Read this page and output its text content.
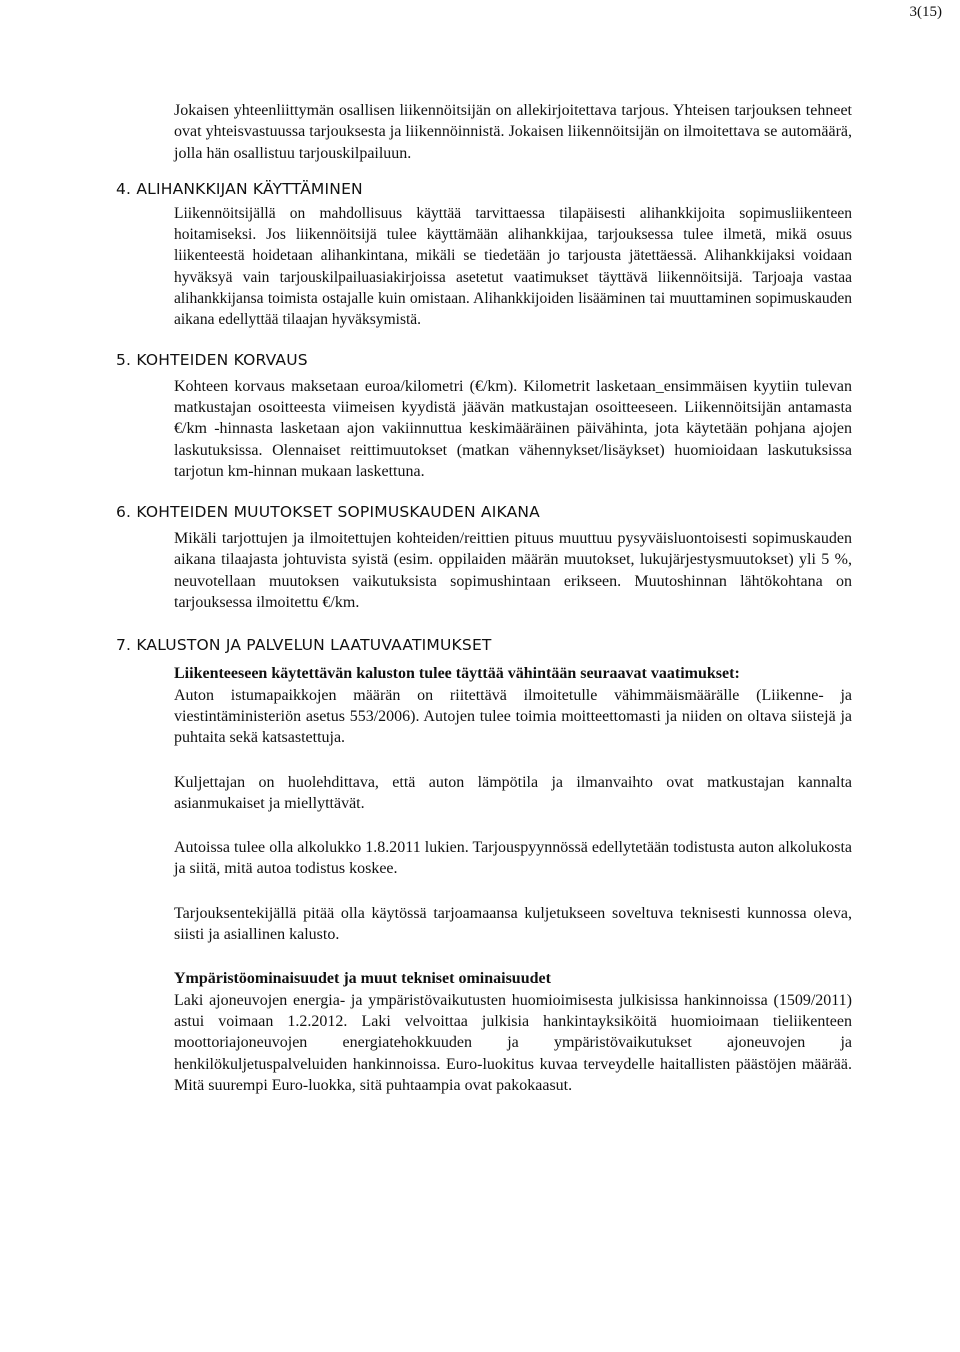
3(15)

Jokaisen yhteenliittymän osallisen liikennöitsijän on allekirjoitettava tarjous. Yhteisen tarjouksen tehneet ovat yhteisvastuussa tarjouksesta ja liikennöinnistä. Jokaisen liikennöitsijän on ilmoitettava se automäärä, jolla hän osallistuu tarjouskilpailuun.

4. ALIHANKKIJAN KÄYTTÄMINEN

Liikennöitsijällä on mahdollisuus käyttää tarvittaessa tilapäisesti alihankkijoita sopimusliikenteen hoitamiseksi. Jos liikennöitsijä tulee käyttämään alihankkijaa, tarjouksessa tulee ilmetä, mikä osuus liikenteestä hoidetaan alihankintana, mikäli se tiedetään jo tarjousta jätettäessä. Alihankkijaksi voidaan hyväksyä vain tarjouskilpailuasiakirjoissa asetetut vaatimukset täyttävä liikennöitsijä. Tarjoaja vastaa alihankkijansa toimista ostajalle kuin omistaan. Alihankkijoiden lisääminen tai muuttaminen sopimuskauden aikana edellyttää tilaajan hyväksymistä.

5. KOHTEIDEN KORVAUS

Kohteen korvaus maksetaan euroa/kilometri (€/km). Kilometrit lasketaan_ensimmäisen kyytiin tulevan matkustajan osoitteesta viimeisen kyydistä jäävän matkustajan osoitteeseen. Liikennöitsijän antamasta €/km -hinnasta lasketaan ajon vakiinnuttua keskimääräinen päivähinta, jota käytetään pohjana ajojen laskutuksissa. Olennaiset reittimuutokset (matkan vähennykset/lisäykset) huomioidaan laskutuksissa tarjotun km-hinnan mukaan laskettuna.

6. KOHTEIDEN MUUTOKSET SOPIMUSKAUDEN AIKANA

Mikäli tarjottujen ja ilmoitettujen kohteiden/reittien pituus muuttuu pysyväisluontoisesti sopimuskauden aikana tilaajasta johtuvista syistä (esim. oppilaiden määrän muutokset, lukujärjestysmuutokset) yli 5 %, neuvotellaan muutoksen vaikutuksista sopimushintaan erikseen. Muutoshinnan lähtökohtana on tarjouksessa ilmoitettu €/km.

7. KALUSTON JA PALVELUN LAATUVAATIMUKSET

Liikenteeseen käytettävän kaluston tulee täyttää vähintään seuraavat vaatimukset:

Auton istumapaikkojen määrän on riitettävä ilmoitetulle vähimmäismäärälle (Liikenne- ja viestintäministeriön asetus 553/2006). Autojen tulee toimia moitteettomasti ja niiden on oltava siistejä ja puhtaita sekä katsastettuja.

Kuljettajan on huolehdittava, että auton lämpötila ja ilmanvaihto ovat matkustajan kannalta asianmukaiset ja miellyttävät.

Autoissa tulee olla alkolukko 1.8.2011 lukien. Tarjouspyynnössä edellytetään todistusta auton alkolukosta ja siitä, mitä autoa todistus koskee.

Tarjouksentekijällä pitää olla käytössä tarjoamaansa kuljetukseen soveltuva teknisesti kunnossa oleva, siisti ja asiallinen kalusto.

Ympäristöominaisuudet ja muut tekniset ominaisuudet

Laki ajoneuvojen energia- ja ympäristövaikutusten huomioimisesta julkisissa hankinnoissa (1509/2011) astui voimaan 1.2.2012. Laki velvoittaa julkisia hankintayksiköitä huomioimaan tieliikenteen moottoriajoneuvojen energiatehokkuuden ja ympäristövaikutukset ajoneuvojen ja henkilökuljetuspalveluiden hankinnoissa. Euro-luokitus kuvaa terveydelle haitallisten päästöjen määrää. Mitä suurempi Euro-luokka, sitä puhtaampia ovat pakokaasut.
